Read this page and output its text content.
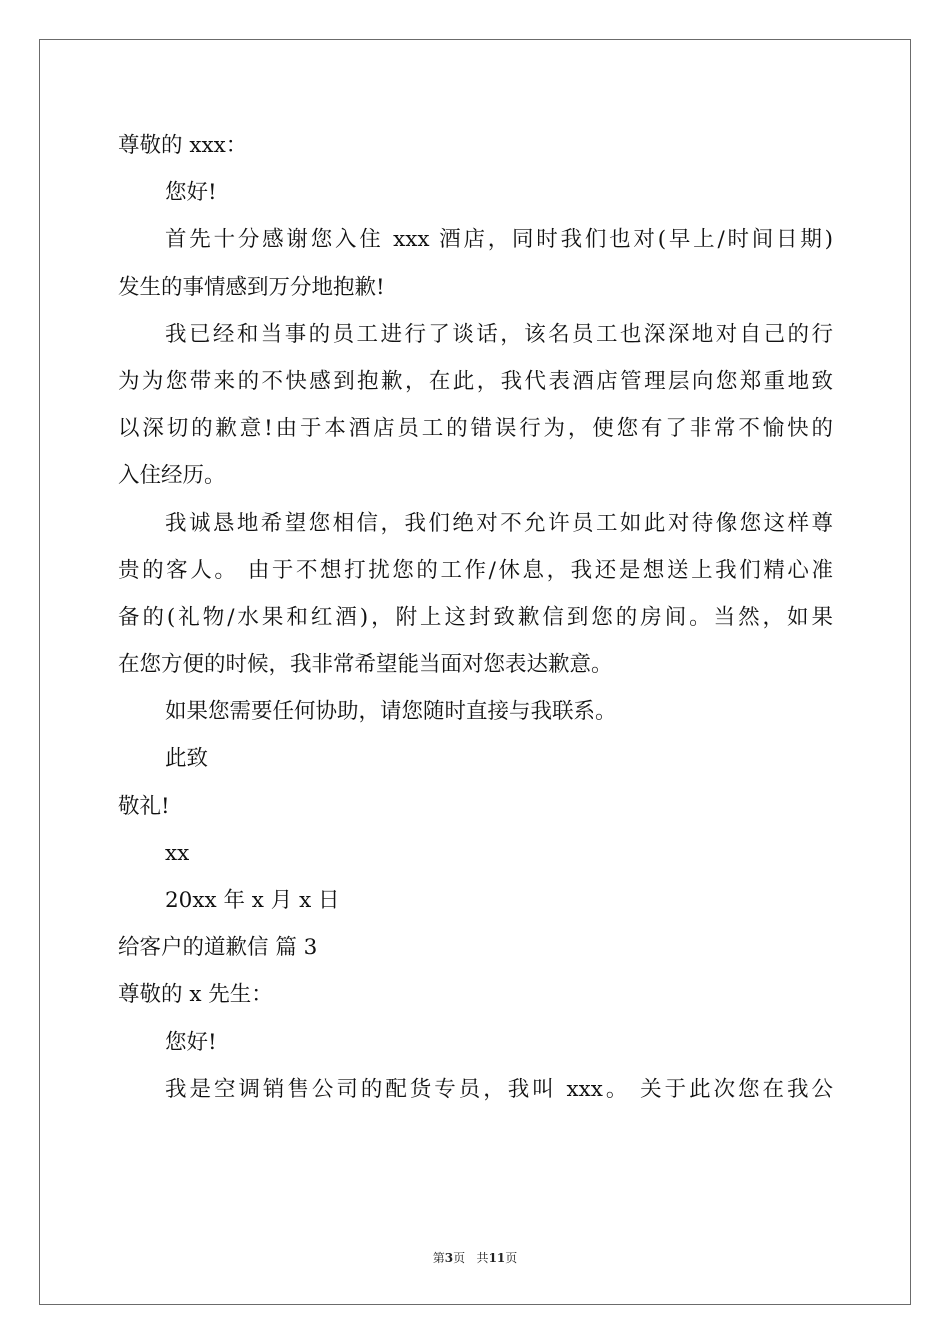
尊敬的 xxx：
您好!
首先十分感谢您入住 xxx 酒店，同时我们也对(早上/时间日期)
发生的事情感到万分地抱歉!
我已经和当事的员工进行了谈话，该名员工也深深地对自己的行
为为您带来的不快感到抱歉，在此，我代表酒店管理层向您郑重地致
以深切的歉意!由于本酒店员工的错误行为，使您有了非常不愉快的
入住经历。
我诚恳地希望您相信，我们绝对不允许员工如此对待像您这样尊
贵的客人。 由于不想打扰您的工作/休息，我还是想送上我们精心准
备的(礼物/水果和红酒)，附上这封致歉信到您的房间。当然，如果
在您方便的时候，我非常希望能当面对您表达歉意。
如果您需要任何协助，请您随时直接与我联系。
此致
敬礼!
xx
20xx 年 x 月 x 日
给客户的道歉信 篇 3
尊敬的 x 先生：
您好!
我是空调销售公司的配货专员，我叫 xxx。 关于此次您在我公
第3页 共11页
